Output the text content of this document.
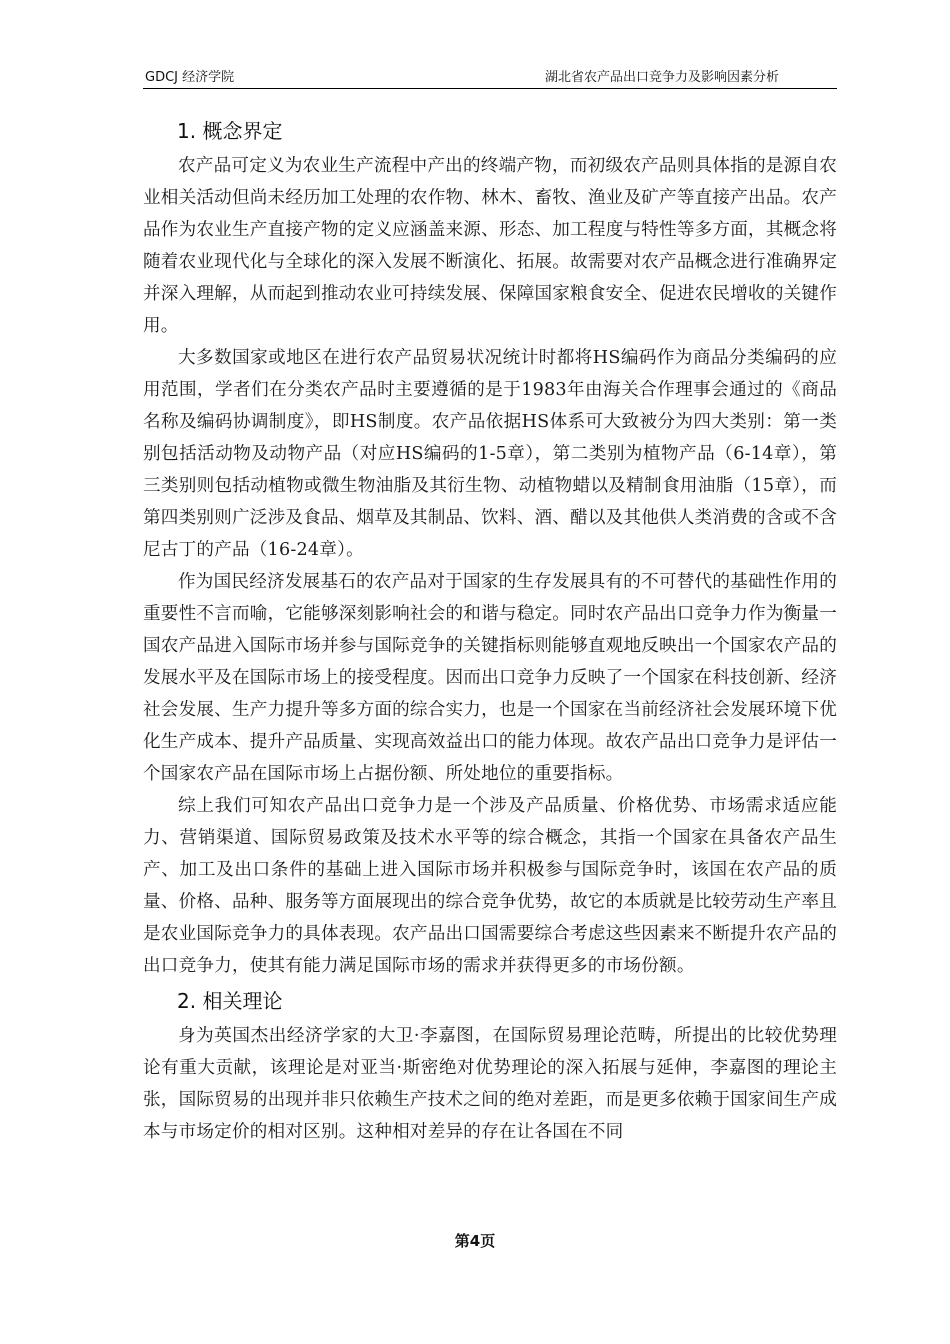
GDCJ 经济学院	湖北省农产品出口竞争力及影响因素分析
1. 概念界定

农产品可定义为农业生产流程中产出的终端产物，而初级农产品则具体指的是源自农业相关活动但尚未经历加工处理的农作物、林木、畜牧、渔业及矿产等直接产出品。农产品作为农业生产直接产物的定义应涵盖来源、形态、加工程度与特性等多方面，其概念将随着农业现代化与全球化的深入发展不断演化、拓展。故需要对农产品概念进行准确界定并深入理解，从而起到推动农业可持续发展、保障国家粮食安全、促进农民增收的关键作用。

大多数国家或地区在进行农产品贸易状况统计时都将HS编码作为商品分类编码的应用范围，学者们在分类农产品时主要遵循的是于1983年由海关合作理事会通过的《商品名称及编码协调制度》，即HS制度。农产品依据HS体系可大致被分为四大类别：第一类别包括活动物及动物产品（对应HS编码的1-5章），第二类别为植物产品（6-14章），第三类别则包括动植物或微生物油脂及其衍生物、动植物蜡以及精制食用油脂（15章），而第四类别则广泛涉及食品、烟草及其制品、饮料、酒、醋以及其他供人类消费的含或不含尼古丁的产品（16-24章）。

作为国民经济发展基石的农产品对于国家的生存发展具有的不可替代的基础性作用的重要性不言而喻，它能够深刻影响社会的和谐与稳定。同时农产品出口竞争力作为衡量一国农产品进入国际市场并参与国际竞争的关键指标则能够直观地反映出一个国家农产品的发展水平及在国际市场上的接受程度。因而出口竞争力反映了一个国家在科技创新、经济社会发展、生产力提升等多方面的综合实力，也是一个国家在当前经济社会发展环境下优化生产成本、提升产品质量、实现高效益出口的能力体现。故农产品出口竞争力是评估一个国家农产品在国际市场上占据份额、所处地位的重要指标。

综上我们可知农产品出口竞争力是一个涉及产品质量、价格优势、市场需求适应能力、营销渠道、国际贸易政策及技术水平等的综合概念，其指一个国家在具备农产品生产、加工及出口条件的基础上进入国际市场并积极参与国际竞争时，该国在农产品的质量、价格、品种、服务等方面展现出的综合竞争优势，故它的本质就是比较劳动生产率且是农业国际竞争力的具体表现。农产品出口国需要综合考虑这些因素来不断提升农产品的出口竞争力，使其有能力满足国际市场的需求并获得更多的市场份额。

2. 相关理论

身为英国杰出经济学家的大卫·李嘉图，在国际贸易理论范畴，所提出的比较优势理论有重大贡献，该理论是对亚当·斯密绝对优势理论的深入拓展与延伸，李嘉图的理论主张，国际贸易的出现并非只依赖生产技术之间的绝对差距，而是更多依赖于国家间生产成本与市场定价的相对区别。这种相对差异的存在让各国在不同

第4页
